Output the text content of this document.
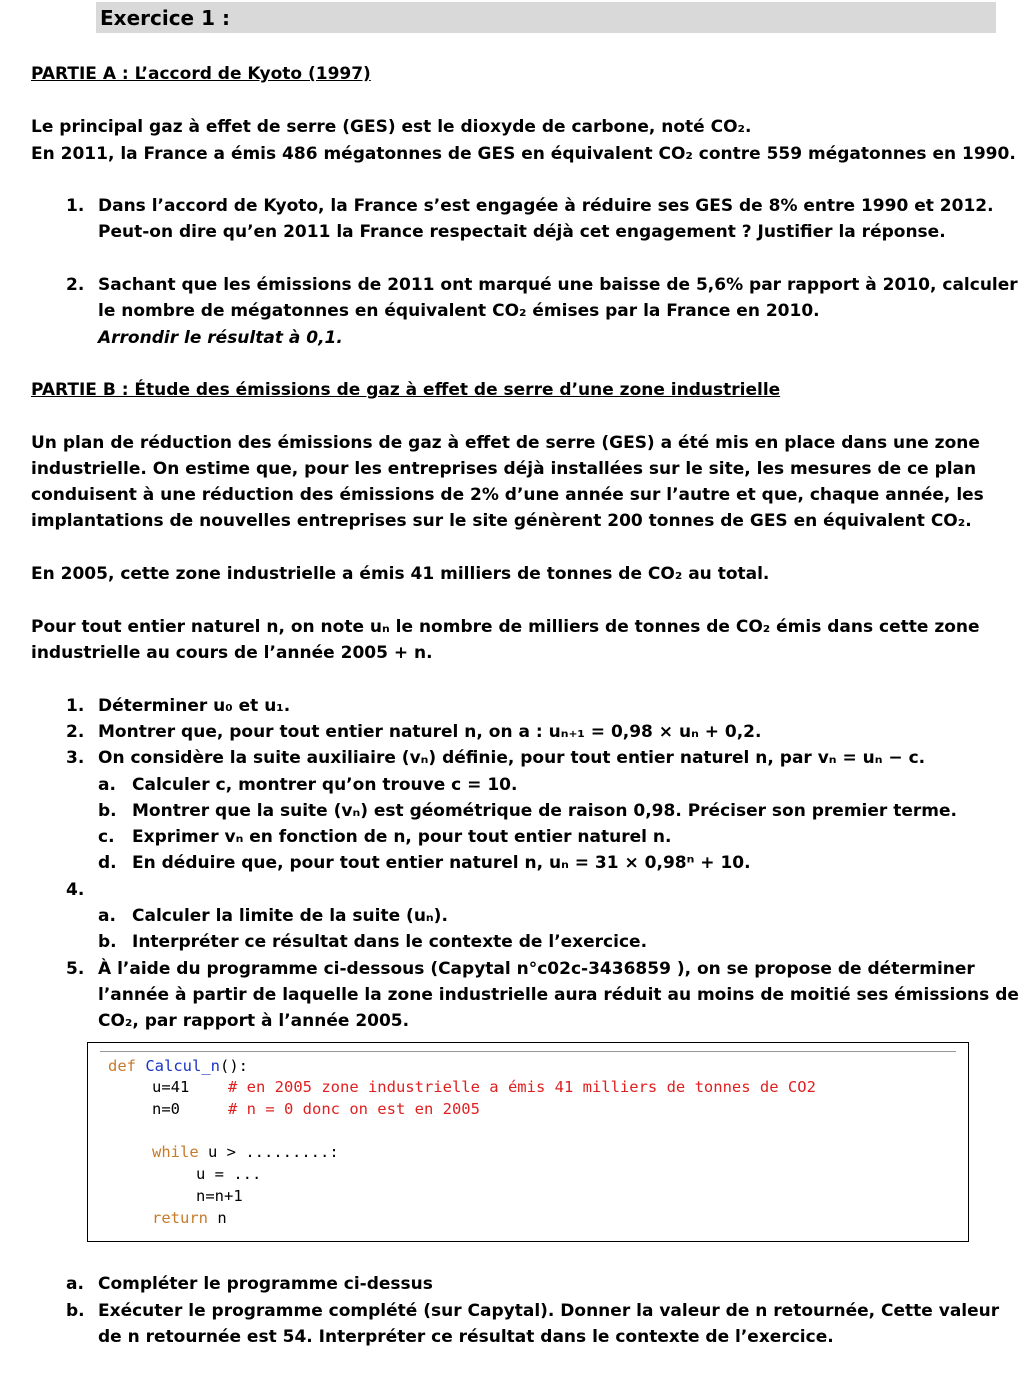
Exercice 1 :
PARTIE A : L’accord de Kyoto (1997)
Le principal gaz à effet de serre (GES) est le dioxyde de carbone, noté CO₂.
En 2011, la France a émis 486 mégatonnes de GES en équivalent CO₂ contre 559 mégatonnes en 1990.
1. Dans l’accord de Kyoto, la France s’est engagée à réduire ses GES de 8% entre 1990 et 2012.
Peut-on dire qu’en 2011 la France respectait déjà cet engagement ? Justifier la réponse.
2. Sachant que les émissions de 2011 ont marqué une baisse de 5,6% par rapport à 2010, calculer
le nombre de mégatonnes en équivalent CO₂ émises par la France en 2010.
Arrondir le résultat à 0,1.
PARTIE B : Étude des émissions de gaz à effet de serre d’une zone industrielle
Un plan de réduction des émissions de gaz à effet de serre (GES) a été mis en place dans une zone
industrielle. On estime que, pour les entreprises déjà installées sur le site, les mesures de ce plan
conduisent à une réduction des émissions de 2% d’une année sur l’autre et que, chaque année, les
implantations de nouvelles entreprises sur le site génèrent 200 tonnes de GES en équivalent CO₂.
En 2005, cette zone industrielle a émis 41 milliers de tonnes de CO₂ au total.
Pour tout entier naturel n, on note uₙ le nombre de milliers de tonnes de CO₂ émis dans cette zone
industrielle au cours de l’année 2005 + n.
1. Déterminer u₀ et u₁.
2. Montrer que, pour tout entier naturel n, on a : uₙ₊₁ = 0,98 × uₙ + 0,2.
3. On considère la suite auxiliaire (vₙ) définie, pour tout entier naturel n, par vₙ = uₙ − c.
a. Calculer c, montrer qu’on trouve c = 10.
b. Montrer que la suite (vₙ) est géométrique de raison 0,98. Préciser son premier terme.
c. Exprimer vₙ en fonction de n, pour tout entier naturel n.
d. En déduire que, pour tout entier naturel n, uₙ = 31 × 0,98ⁿ + 10.
4.
a. Calculer la limite de la suite (uₙ).
b. Interpréter ce résultat dans le contexte de l’exercice.
5. À l’aide du programme ci-dessous (Capytal n°c02c-3436859 ), on se propose de déterminer
l’année à partir de laquelle la zone industrielle aura réduit au moins de moitié ses émissions de
CO₂, par rapport à l’année 2005.
def Calcul_n():
u=41 # en 2005 zone industrielle a émis 41 milliers de tonnes de CO2
n=0	# n = 0 donc on est en 2005
while u > .........:
u = ...
n=n+1
return n
a. Compléter le programme ci-dessus
b. Exécuter le programme complété (sur Capytal). Donner la valeur de n retournée, Cette valeur
de n retournée est 54. Interpréter ce résultat dans le contexte de l’exercice.
